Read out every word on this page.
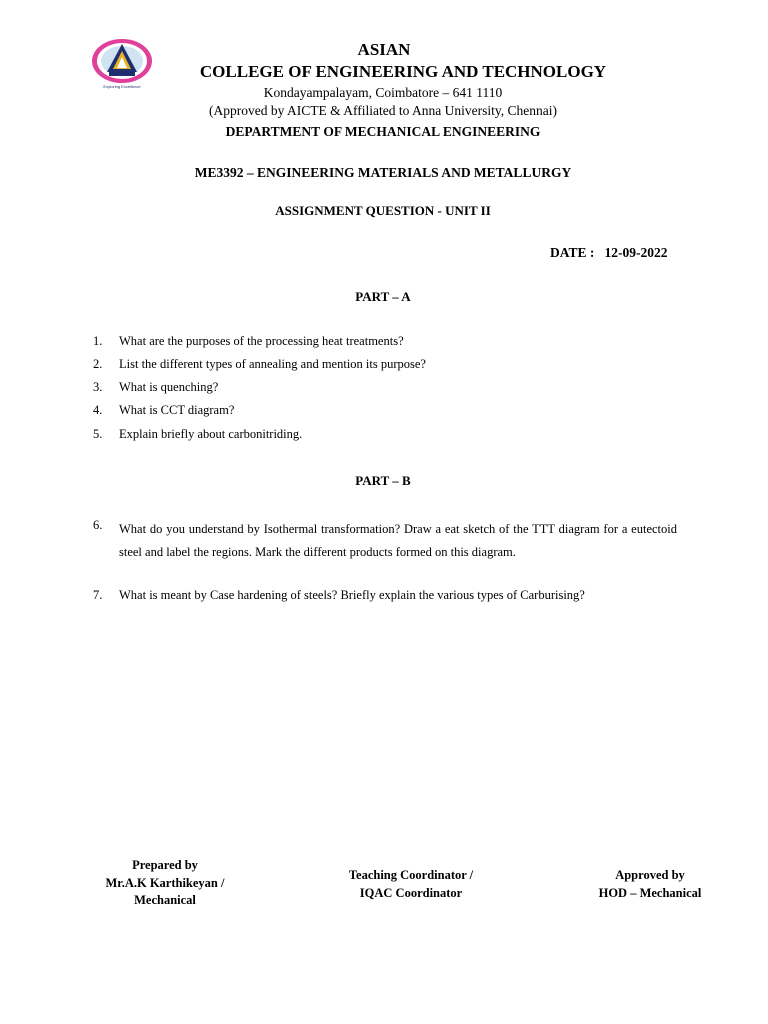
Exploring Excellence
ASIAN
COLLEGE OF ENGINEERING AND TECHNOLOGY
Kondayampalayam, Coimbatore – 641 1110
(Approved by AICTE & Affiliated to Anna University, Chennai)
DEPARTMENT OF MECHANICAL ENGINEERING
ME3392 – ENGINEERING MATERIALS AND METALLURGY
ASSIGNMENT QUESTION - UNIT II
DATE : 12-09-2022
PART – A
1. What are the purposes of the processing heat treatments?
2. List the different types of annealing and mention its purpose?
3. What is quenching?
4. What is CCT diagram?
5. Explain briefly about carbonitriding.
PART – B
6.	What do you understand by Isothermal transformation? Draw a eat sketch of the TTT diagram for a eutectoid steel and label the regions. Mark the different products formed on this diagram.
7. What is meant by Case hardening of steels? Briefly explain the various types of Carburising?
Prepared by
Mr.A.K Karthikeyan /
Mechanical
Teaching Coordinator /
IQAC Coordinator
Approved by
HOD – Mechanical
